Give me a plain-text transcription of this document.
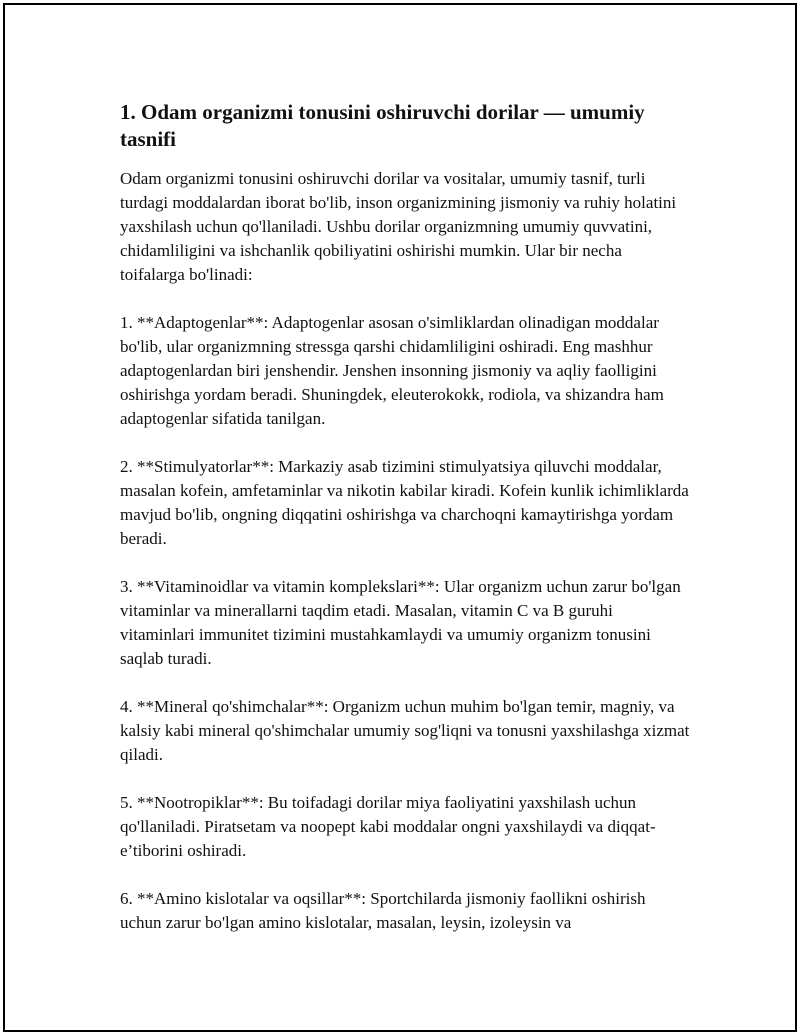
1. Odam organizmi tonusini oshiruvchi dorilar — umumiy tasnifi

Odam organizmi tonusini oshiruvchi dorilar va vositalar, umumiy tasnif, turli turdagi moddalardan iborat bo'lib, inson organizmining jismoniy va ruhiy holatini yaxshilash uchun qo'llaniladi. Ushbu dorilar organizmning umumiy quvvatini, chidamliligini va ishchanlik qobiliyatini oshirishi mumkin. Ular bir necha toifalarga bo'linadi:

1. **Adaptogenlar**: Adaptogenlar asosan o'simliklardan olinadigan moddalar bo'lib, ular organizmning stressga qarshi chidamliligini oshiradi. Eng mashhur adaptogenlardan biri jenshendir. Jenshen insonning jismoniy va aqliy faolligini oshirishga yordam beradi. Shuningdek, eleuterokokk, rodiola, va shizandra ham adaptogenlar sifatida tanilgan.

2. **Stimulyatorlar**: Markaziy asab tizimini stimulyatsiya qiluvchi moddalar, masalan kofein, amfetaminlar va nikotin kabilar kiradi. Kofein kunlik ichimliklarda mavjud bo'lib, ongning diqqatini oshirishga va charchoqni kamaytirishga yordam beradi.

3. **Vitaminoidlar va vitamin komplekslari**: Ular organizm uchun zarur bo'lgan vitaminlar va minerallarni taqdim etadi. Masalan, vitamin C va B guruhi vitaminlari immunitet tizimini mustahkamlaydi va umumiy organizm tonusini saqlab turadi.

4. **Mineral qo'shimchalar**: Organizm uchun muhim bo'lgan temir, magniy, va kalsiy kabi mineral qo'shimchalar umumiy sog'liqni va tonusni yaxshilashga xizmat qiladi.

5. **Nootropiklar**: Bu toifadagi dorilar miya faoliyatini yaxshilash uchun qo'llaniladi. Piratsetam va noopept kabi moddalar ongni yaxshilaydi va diqqat-e’tiborini oshiradi.

6. **Amino kislotalar va oqsillar**: Sportchilarda jismoniy faollikni oshirish uchun zarur bo'lgan amino kislotalar, masalan, leysin, izoleysin va
